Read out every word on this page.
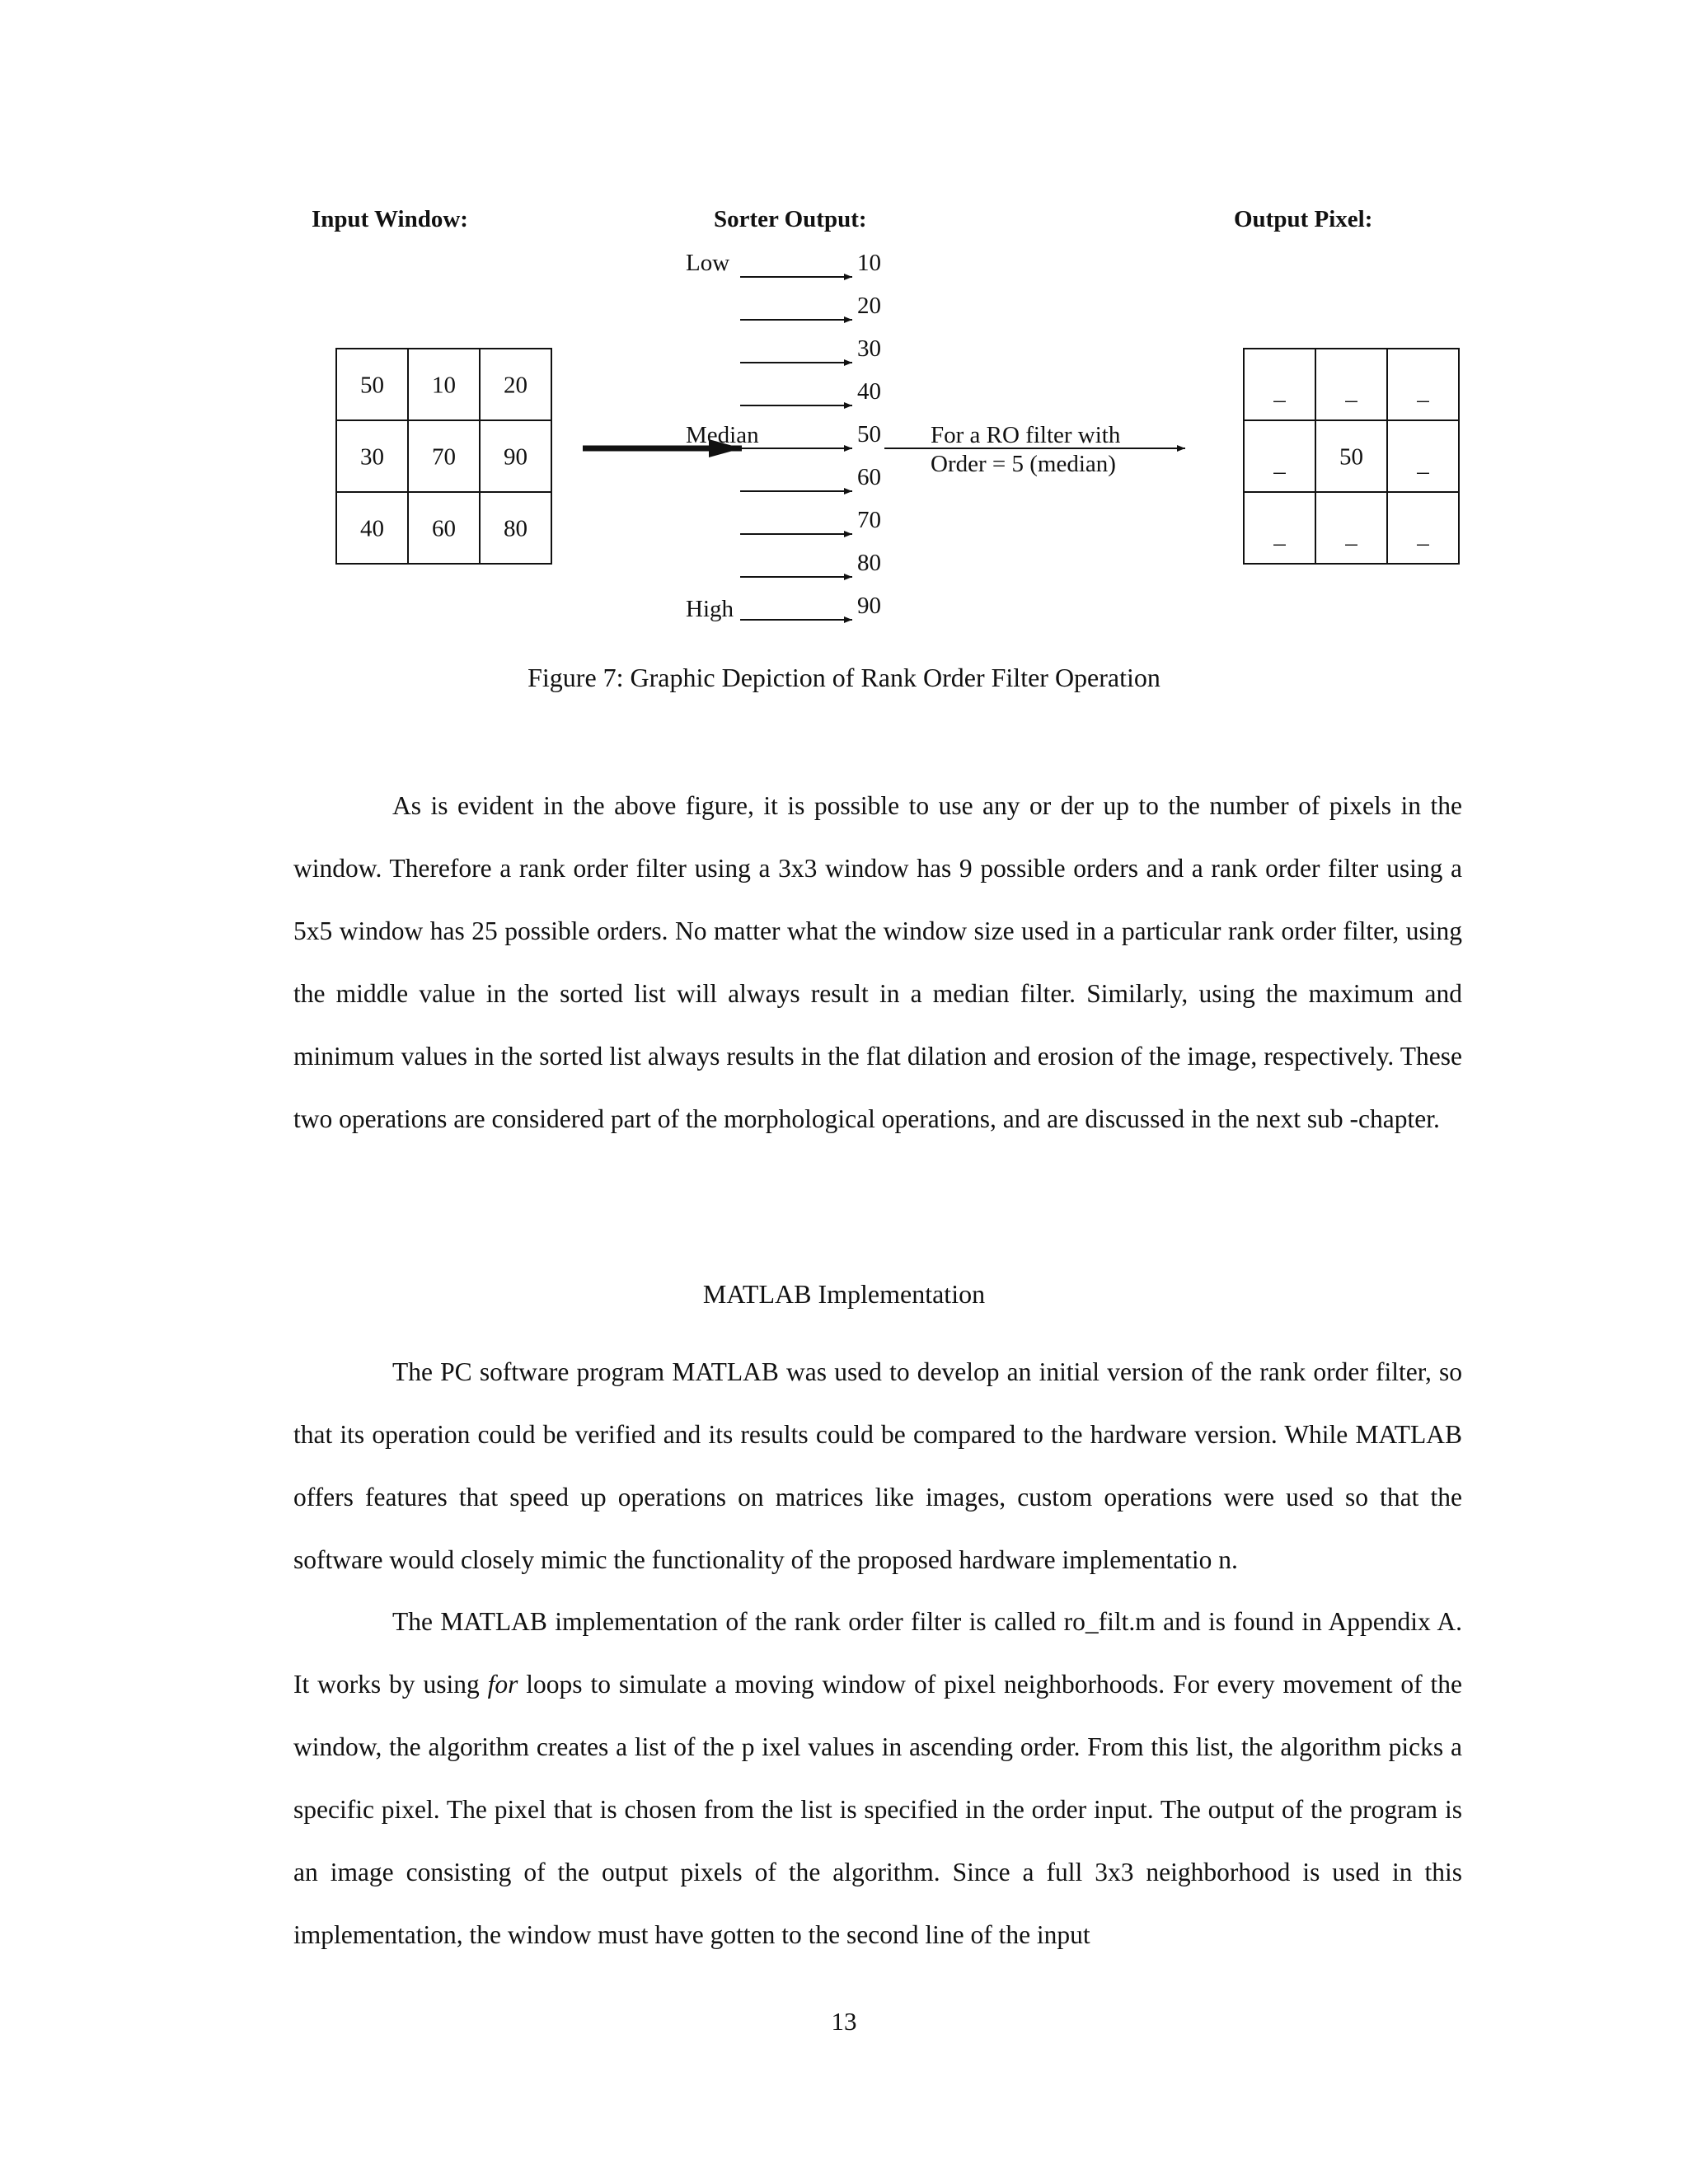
Input Window:	Sorter Output:	Output Pixel:
50 10 20
30 70 90
40 60 80
_	_	_
_ 50 _
_	_	_
10
20
30
40
50
60
70
80
90
Low
Median
High
For a RO filter with
Order = 5 (median)

Figure 7: Graphic Depiction of Rank Order Filter Operation

As is evident in the above figure, it is possible to use any or der up to the number of pixels in the window. Therefore a rank order filter using a 3x3 window has 9 possible orders and a rank order filter using a 5x5 window has 25 possible orders. No matter what the window size used in a particular rank order filter, using the middle value in the sorted list will always result in a median filter. Similarly, using the maximum and minimum values in the sorted list always results in the flat dilation and erosion of the image, respectively. These two operations are considered part of the morphological operations, and are discussed in the next sub -chapter.

MATLAB Implementation

The PC software program MATLAB was used to develop an initial version of the rank order filter, so that its operation could be verified and its results could be compared to the hardware version. While MATLAB offers features that speed up operations on matrices like images, custom operations were used so that the software would closely mimic the functionality of the proposed hardware implementatio n.

The MATLAB implementation of the rank order filter is called ro_filt.m and is found in Appendix A. It works by using for loops to simulate a moving window of pixel neighborhoods. For every movement of the window, the algorithm creates a list of the p ixel values in ascending order. From this list, the algorithm picks a specific pixel. The pixel that is chosen from the list is specified in the order input. The output of the program is an image consisting of the output pixels of the algorithm. Since a full 3x3 neighborhood is used in this implementation, the window must have gotten to the second line of the input

13
